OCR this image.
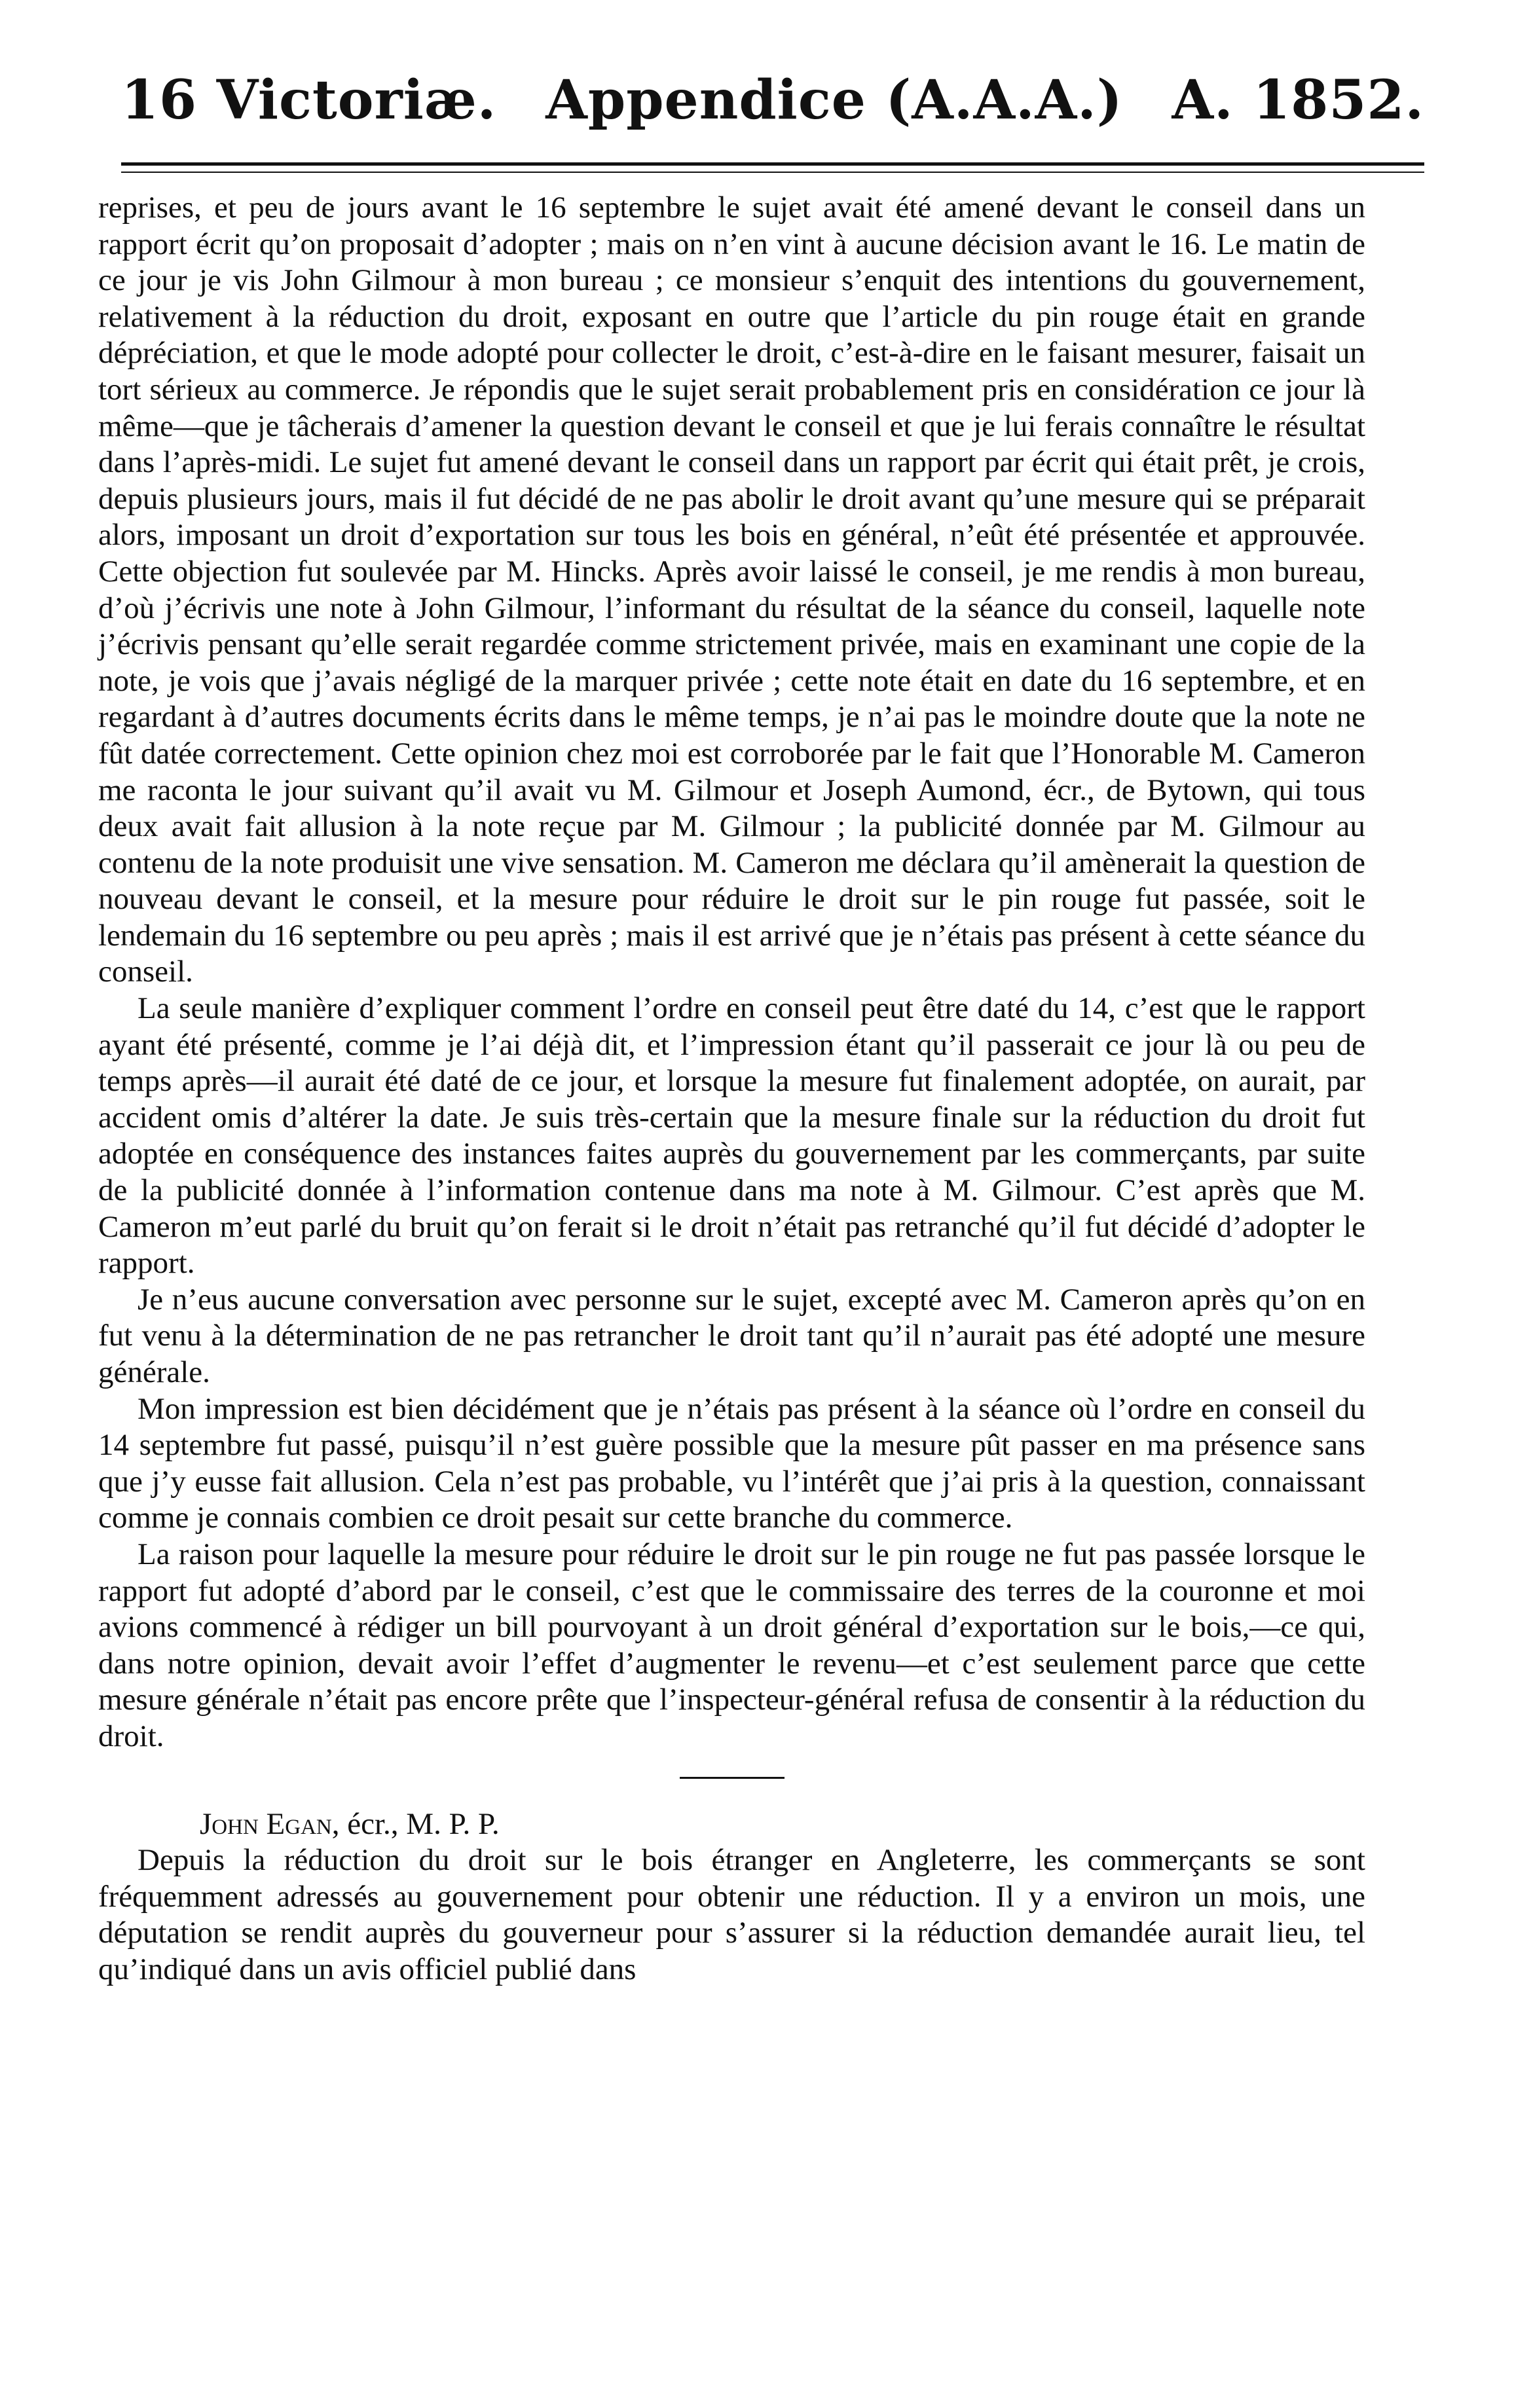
16 Victoriæ. Appendice (A.A.A.) A. 1852.

reprises, et peu de jours avant le 16 septembre le sujet avait été amené devant le conseil dans un rapport écrit qu’on proposait d’adopter ; mais on n’en vint à aucune décision avant le 16. Le matin de ce jour je vis John Gilmour à mon bureau ; ce monsieur s’enquit des intentions du gouvernement, relativement à la réduction du droit, exposant en outre que l’article du pin rouge était en grande dépréciation, et que le mode adopté pour collecter le droit, c’est-à-dire en le faisant mesurer, faisait un tort sérieux au commerce. Je répondis que le sujet serait probablement pris en considération ce jour là même—que je tâcherais d’amener la question devant le conseil et que je lui ferais connaître le résultat dans l’après-midi. Le sujet fut amené devant le conseil dans un rapport par écrit qui était prêt, je crois, depuis plusieurs jours, mais il fut décidé de ne pas abolir le droit avant qu’une mesure qui se préparait alors, imposant un droit d’exportation sur tous les bois en général, n’eût été présentée et approuvée. Cette objection fut soulevée par M. Hincks. Après avoir laissé le conseil, je me rendis à mon bureau, d’où j’écrivis une note à John Gilmour, l’informant du résultat de la séance du conseil, laquelle note j’écrivis pensant qu’elle serait regardée comme strictement privée, mais en examinant une copie de la note, je vois que j’avais négligé de la marquer privée ; cette note était en date du 16 septembre, et en regardant à d’autres documents écrits dans le même temps, je n’ai pas le moindre doute que la note ne fût datée correctement. Cette opinion chez moi est corroborée par le fait que l’Honorable M. Cameron me raconta le jour suivant qu’il avait vu M. Gilmour et Joseph Aumond, écr., de Bytown, qui tous deux avait fait allusion à la note reçue par M. Gilmour ; la publicité donnée par M. Gilmour au contenu de la note produisit une vive sensation. M. Cameron me déclara qu’il amènerait la question de nouveau devant le conseil, et la mesure pour réduire le droit sur le pin rouge fut passée, soit le lendemain du 16 septembre ou peu après ; mais il est arrivé que je n’étais pas présent à cette séance du conseil.

La seule manière d’expliquer comment l’ordre en conseil peut être daté du 14, c’est que le rapport ayant été présenté, comme je l’ai déjà dit, et l’impression étant qu’il passerait ce jour là ou peu de temps après—il aurait été daté de ce jour, et lorsque la mesure fut finalement adoptée, on aurait, par accident omis d’altérer la date. Je suis très-certain que la mesure finale sur la réduction du droit fut adoptée en conséquence des instances faites auprès du gouvernement par les commerçants, par suite de la publicité donnée à l’information contenue dans ma note à M. Gilmour. C’est après que M. Cameron m’eut parlé du bruit qu’on ferait si le droit n’était pas retranché qu’il fut décidé d’adopter le rapport.

Je n’eus aucune conversation avec personne sur le sujet, excepté avec M. Cameron après qu’on en fut venu à la détermination de ne pas retrancher le droit tant qu’il n’aurait pas été adopté une mesure générale.

Mon impression est bien décidément que je n’étais pas présent à la séance où l’ordre en conseil du 14 septembre fut passé, puisqu’il n’est guère possible que la mesure pût passer en ma présence sans que j’y eusse fait allusion. Cela n’est pas probable, vu l’intérêt que j’ai pris à la question, connaissant comme je connais combien ce droit pesait sur cette branche du commerce.

La raison pour laquelle la mesure pour réduire le droit sur le pin rouge ne fut pas passée lorsque le rapport fut adopté d’abord par le conseil, c’est que le commissaire des terres de la couronne et moi avions commencé à rédiger un bill pourvoyant à un droit général d’exportation sur le bois,—ce qui, dans notre opinion, devait avoir l’effet d’augmenter le revenu—et c’est seulement parce que cette mesure générale n’était pas encore prête que l’inspecteur-général refusa de consentir à la réduction du droit.

John Egan, écr., M. P. P.

Depuis la réduction du droit sur le bois étranger en Angleterre, les commerçants se sont fréquemment adressés au gouvernement pour obtenir une réduction. Il y a environ un mois, une députation se rendit auprès du gouverneur pour s’assurer si la réduction demandée aurait lieu, tel qu’indiqué dans un avis officiel publié dans
